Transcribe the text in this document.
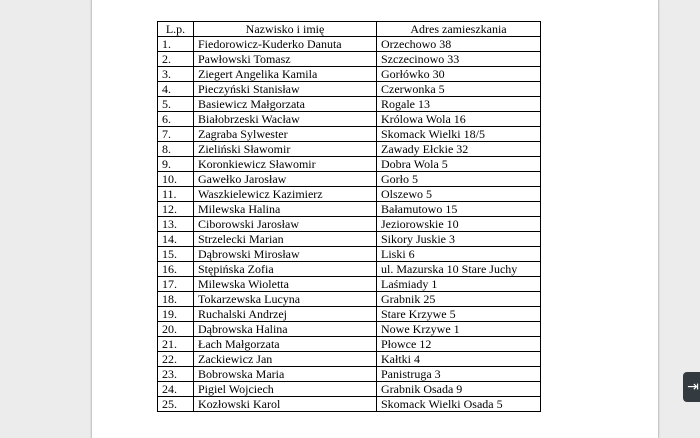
L.p.	Nazwisko i imię	Adres zamieszkania
1.	Fiedorowicz-Kuderko Danuta	Orzechowo 38
2.	Pawłowski Tomasz	Szczecinowo 33
3.	Ziegert Angelika Kamila	Gorłówko 30
4.	Pieczyński Stanisław	Czerwonka 5
5.	Basiewicz Małgorzata	Rogale 13
6.	Białobrzeski Wacław	Królowa Wola 16
7.	Zagraba Sylwester	Skomack Wielki 18/5
8.	Zieliński Sławomir	Zawady Ełckie 32
9.	Koronkiewicz Sławomir	Dobra Wola 5
10.	Gawełko Jarosław	Gorło 5
11.	Waszkielewicz Kazimierz	Olszewo 5
12.	Milewska Halina	Bałamutowo 15
13.	Ciborowski Jarosław	Jeziorowskie 10
14.	Strzelecki Marian	Sikory Juskie 3
15.	Dąbrowski Mirosław	Liski 6
16.	Stępińska Zofia	ul. Mazurska 10 Stare Juchy
17.	Milewska Wioletta	Laśmiady 1
18.	Tokarzewska Lucyna	Grabnik 25
19.	Ruchalski Andrzej	Stare Krzywe 5
20.	Dąbrowska Halina	Nowe Krzywe 1
21.	Łach Małgorzata	Płowce 12
22.	Zackiewicz Jan	Kałtki 4
23.	Bobrowska Maria	Panistruga 3
24.	Pigiel Wojciech	Grabnik Osada 9
25.	Kozłowski Karol	Skomack Wielki Osada 5
⇥
